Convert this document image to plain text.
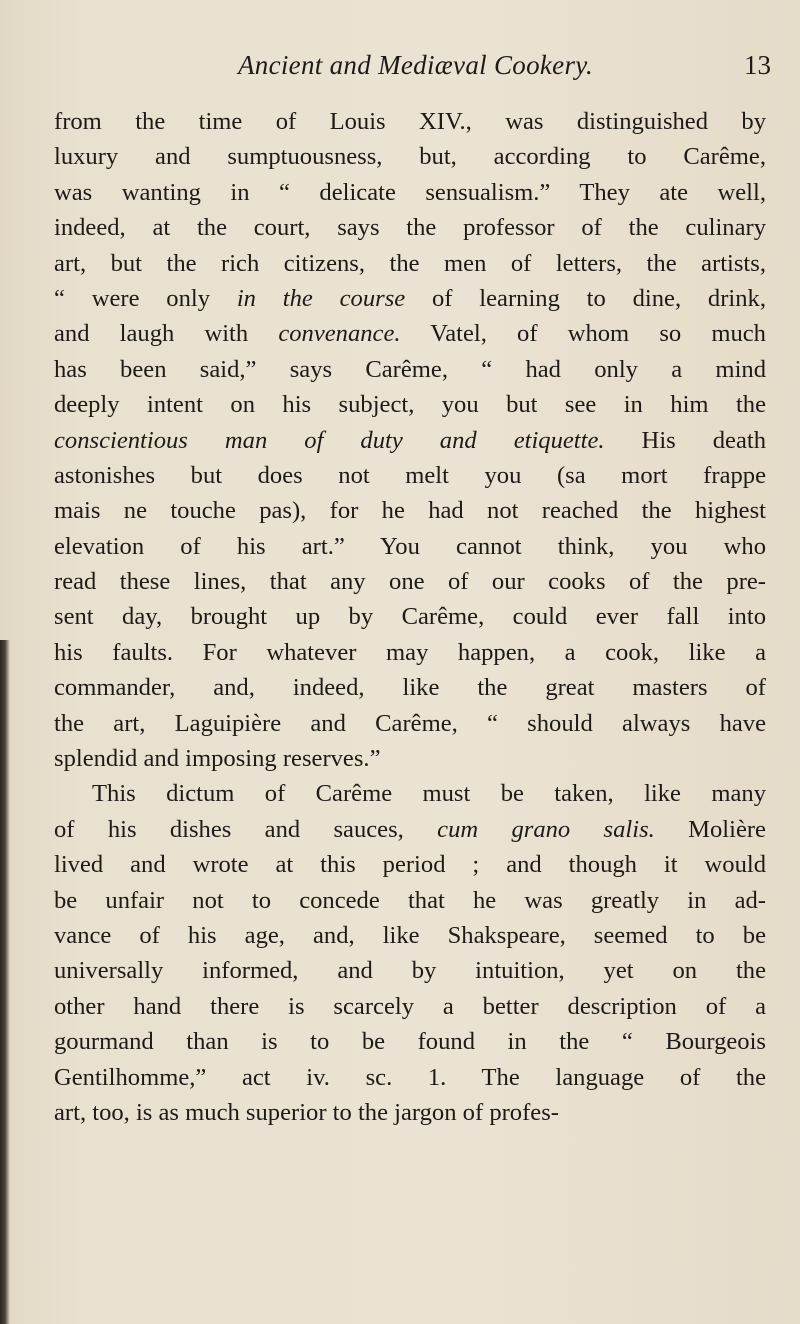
Ancient and Mediæval Cookery.	13
from the time of Louis XIV., was distinguished by
luxury and sumptuousness, but, according to Carême,
was wanting in “ delicate sensualism.” They ate well,
indeed, at the court, says the professor of the culinary
art, but the rich citizens, the men of letters, the artists,
“ were only in the course of learning to dine, drink,
and laugh with convenance. Vatel, of whom so much
has been said,” says Carême, “ had only a mind
deeply intent on his subject, you but see in him the
conscientious man of duty and etiquette. His death
astonishes but does not melt you (sa mort frappe
mais ne touche pas), for he had not reached the highest
elevation of his art.” You cannot think, you who
read these lines, that any one of our cooks of the pre-
sent day, brought up by Carême, could ever fall into
his faults. For whatever may happen, a cook, like a
commander, and, indeed, like the great masters of
the art, Laguipière and Carême, “ should always have
splendid and imposing reserves.”
This dictum of Carême must be taken, like many
of his dishes and sauces, cum grano salis. Molière
lived and wrote at this period ; and though it would
be unfair not to concede that he was greatly in ad-
vance of his age, and, like Shakspeare, seemed to be
universally informed, and by intuition, yet on the
other hand there is scarcely a better description of a
gourmand than is to be found in the “ Bourgeois
Gentilhomme,” act iv. sc. 1. The language of the
art, too, is as much superior to the jargon of profes-
